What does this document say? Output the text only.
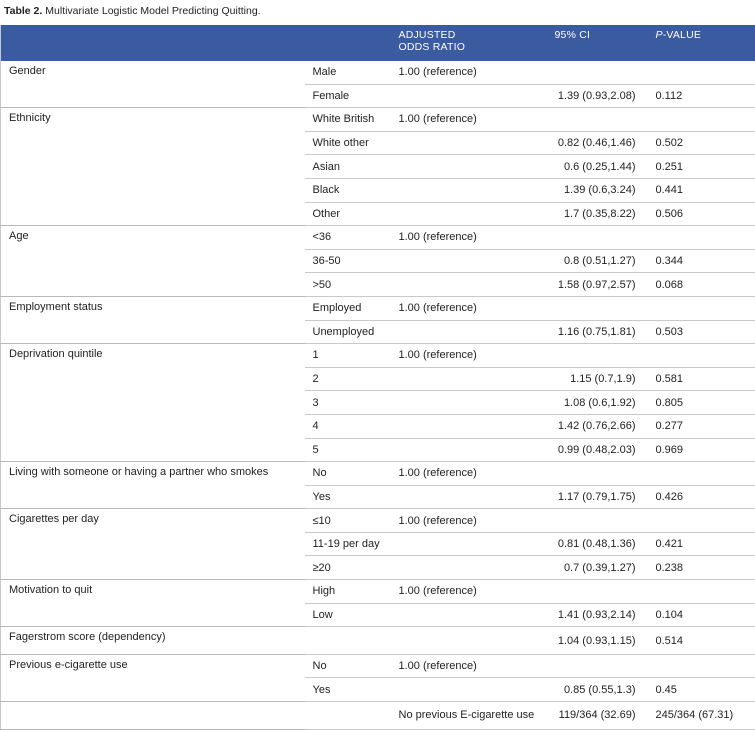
Table 2. Multivariate Logistic Model Predicting Quitting.

		ADJUSTED
ODDS RATIO	95% CI	P-VALUE
Gender	Male	1.00 (reference)		
	Female		1.39 (0.93,2.08)	0.112
Ethnicity	White British	1.00 (reference)		
	White other		0.82 (0.46,1.46)	0.502
	Asian		0.6 (0.25,1.44)	0.251
	Black		1.39 (0.6,3.24)	0.441
	Other		1.7 (0.35,8.22)	0.506
Age	<36	1.00 (reference)		
	36-50		0.8 (0.51,1.27)	0.344
	>50		1.58 (0.97,2.57)	0.068
Employment status	Employed	1.00 (reference)		
	Unemployed		1.16 (0.75,1.81)	0.503
Deprivation quintile	1	1.00 (reference)		
	2		1.15 (0.7,1.9)	0.581
	3		1.08 (0.6,1.92)	0.805
	4		1.42 (0.76,2.66)	0.277
	5		0.99 (0.48,2.03)	0.969
Living with someone or having a partner who smokes	No	1.00 (reference)		
	Yes		1.17 (0.79,1.75)	0.426
Cigarettes per day	≤10	1.00 (reference)		
	11-19 per day		0.81 (0.48,1.36)	0.421
	≥20		0.7 (0.39,1.27)	0.238
Motivation to quit	High	1.00 (reference)		
	Low		1.41 (0.93,2.14)	0.104
Fagerstrom score (dependency)			1.04 (0.93,1.15)	0.514
Previous e-cigarette use	No	1.00 (reference)		
	Yes		0.85 (0.55,1.3)	0.45
		No previous E-cigarette use	119/364 (32.69)	245/364 (67.31)
